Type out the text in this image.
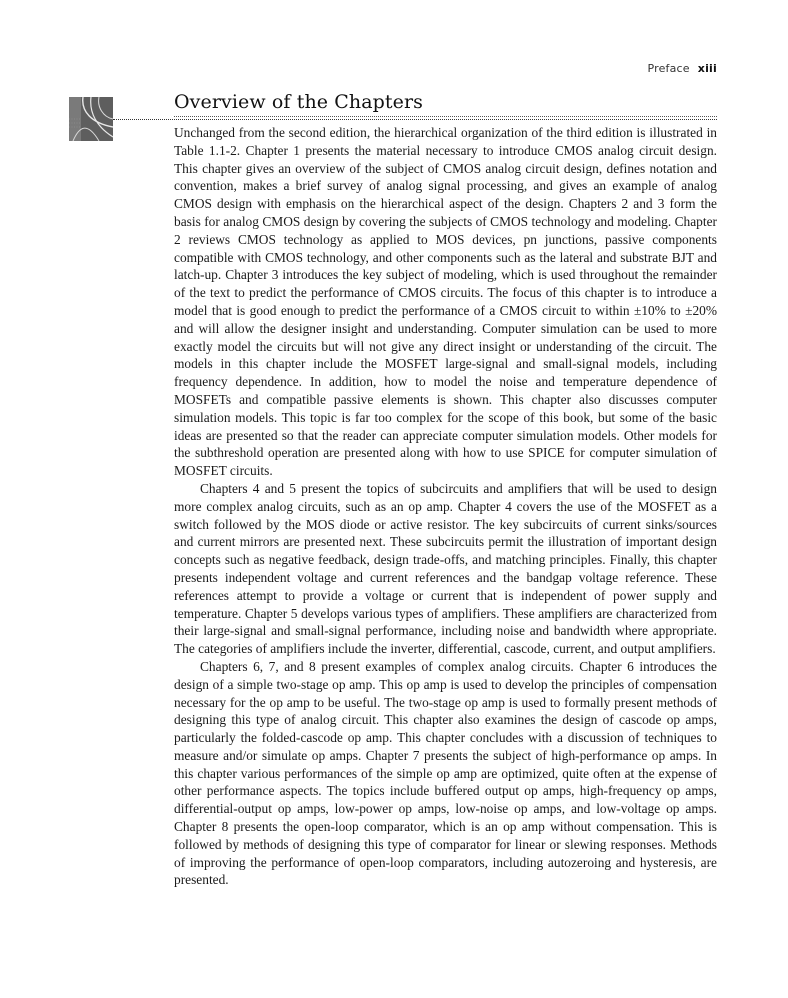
Preface xiii
Overview of the Chapters

Unchanged from the second edition, the hierarchical organization of the third edition is illustrated in Table 1.1-2. Chapter 1 presents the material necessary to introduce CMOS analog circuit design. This chapter gives an overview of the subject of CMOS analog circuit design, defines notation and convention, makes a brief survey of analog signal processing, and gives an example of analog CMOS design with emphasis on the hierarchical aspect of the design. Chapters 2 and 3 form the basis for analog CMOS design by covering the subjects of CMOS technology and modeling. Chapter 2 reviews CMOS technology as applied to MOS devices, pn junctions, passive components compatible with CMOS technology, and other components such as the lateral and substrate BJT and latch-up. Chapter 3 introduces the key subject of modeling, which is used throughout the remainder of the text to predict the performance of CMOS circuits. The focus of this chapter is to introduce a model that is good enough to predict the performance of a CMOS circuit to within ±10% to ±20% and will allow the designer insight and understanding. Computer simulation can be used to more exactly model the circuits but will not give any direct insight or understanding of the circuit. The models in this chapter include the MOSFET large-signal and small-signal models, including frequency dependence. In addition, how to model the noise and temperature dependence of MOSFETs and compatible passive elements is shown. This chapter also discusses computer simulation models. This topic is far too complex for the scope of this book, but some of the basic ideas are presented so that the reader can appreciate computer simulation models. Other models for the subthreshold operation are presented along with how to use SPICE for computer simulation of MOSFET circuits.

Chapters 4 and 5 present the topics of subcircuits and amplifiers that will be used to design more complex analog circuits, such as an op amp. Chapter 4 covers the use of the MOSFET as a switch followed by the MOS diode or active resistor. The key subcircuits of current sinks/sources and current mirrors are presented next. These subcircuits permit the illustration of important design concepts such as negative feedback, design trade-offs, and matching principles. Finally, this chapter presents independent voltage and current references and the bandgap voltage reference. These references attempt to provide a voltage or current that is independent of power supply and temperature. Chapter 5 develops various types of amplifiers. These amplifiers are characterized from their large-signal and small-signal performance, including noise and bandwidth where appropriate. The categories of amplifiers include the inverter, differential, cascode, current, and output amplifiers.

Chapters 6, 7, and 8 present examples of complex analog circuits. Chapter 6 introduces the design of a simple two-stage op amp. This op amp is used to develop the principles of compensation necessary for the op amp to be useful. The two-stage op amp is used to formally present methods of designing this type of analog circuit. This chapter also examines the design of cascode op amps, particularly the folded-cascode op amp. This chapter concludes with a discussion of techniques to measure and/or simulate op amps. Chapter 7 presents the subject of high-performance op amps. In this chapter various performances of the simple op amp are optimized, quite often at the expense of other performance aspects. The topics include buffered output op amps, high-frequency op amps, differential-output op amps, low-power op amps, low-noise op amps, and low-voltage op amps. Chapter 8 presents the open-loop comparator, which is an op amp without compensation. This is followed by methods of designing this type of comparator for linear or slewing responses. Methods of improving the performance of open-loop comparators, including autozeroing and hysteresis, are presented.
